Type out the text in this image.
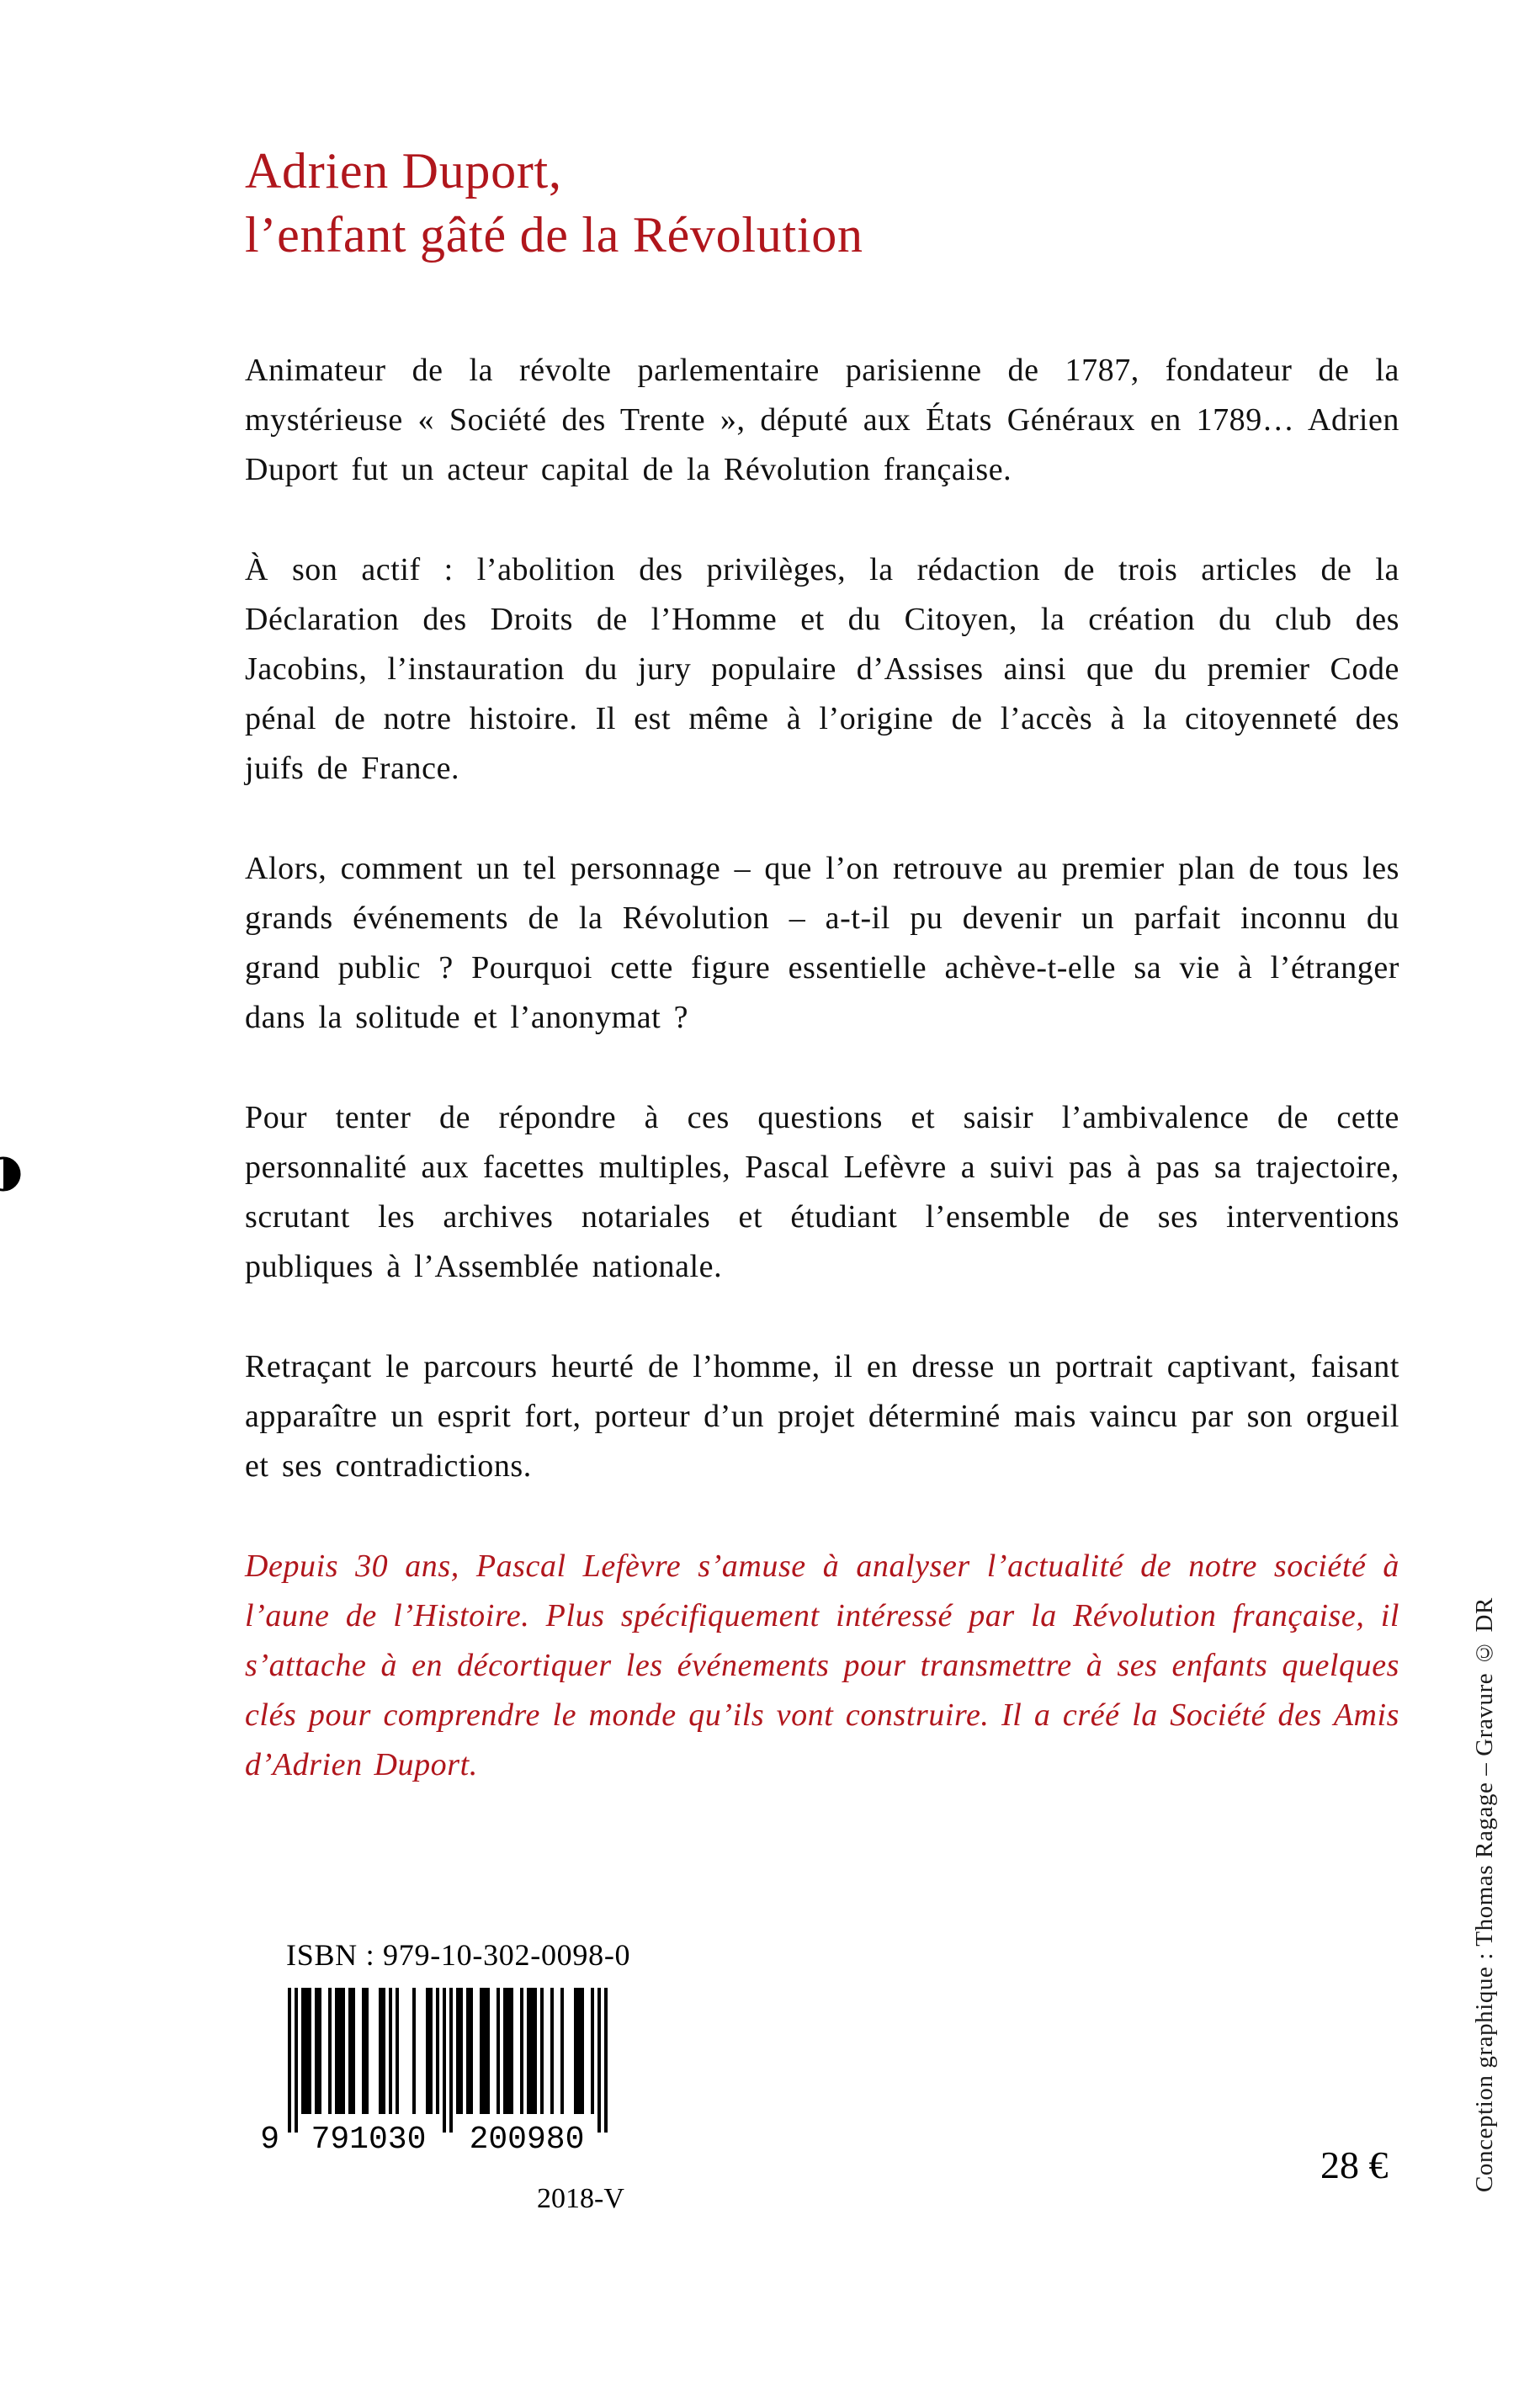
Adrien Duport,
l’enfant gâté de la Révolution

Animateur de la révolte parlementaire parisienne de 1787, fondateur de la mystérieuse « Société des Trente », député aux États Généraux en 1789… Adrien Duport fut un acteur capital de la Révolution française.

À son actif : l’abolition des privilèges, la rédaction de trois articles de la Déclaration des Droits de l’Homme et du Citoyen, la création du club des Jacobins, l’instauration du jury populaire d’Assises ainsi que du premier Code pénal de notre histoire. Il est même à l’origine de l’accès à la citoyenneté des juifs de France.

Alors, comment un tel personnage – que l’on retrouve au premier plan de tous les grands événements de la Révolution – a-t-il pu devenir un parfait inconnu du grand public ? Pourquoi cette figure essentielle achève-t-elle sa vie à l’étranger dans la solitude et l’anonymat ?

Pour tenter de répondre à ces questions et saisir l’ambivalence de cette personnalité aux facettes multiples, Pascal Lefèvre a suivi pas à pas sa trajectoire, scrutant les archives notariales et étudiant l’ensemble de ses interventions publiques à l’Assemblée nationale.

Retraçant le parcours heurté de l’homme, il en dresse un portrait captivant, faisant apparaître un esprit fort, porteur d’un projet déterminé mais vaincu par son orgueil et ses contradictions.

Depuis 30 ans, Pascal Lefèvre s’amuse à analyser l’actualité de notre société à l’aune de l’Histoire. Plus spécifiquement intéressé par la Révolution française, il s’attache à en décortiquer les événements pour transmettre à ses enfants quelques clés pour comprendre le monde qu’ils vont construire. Il a créé la Société des Amis d’Adrien Duport.

ISBN : 979-10-302-0098-0
9 791030 200980
2018-V
28 €	Conception graphique : Thomas Ragage – Gravure © DR
